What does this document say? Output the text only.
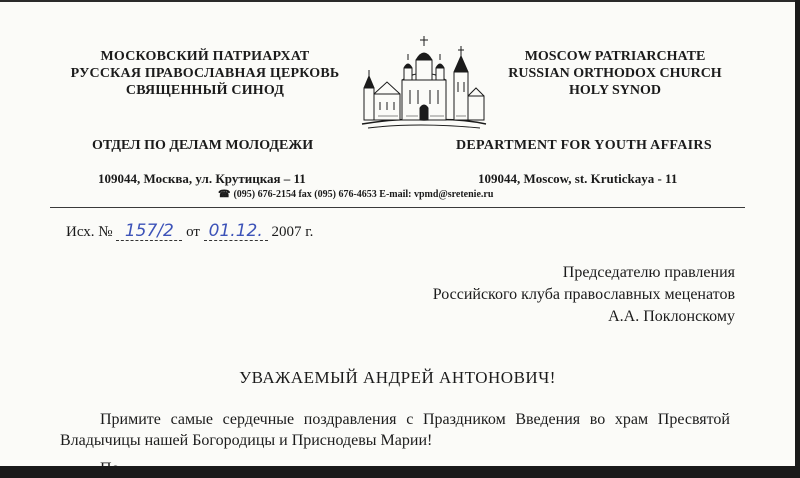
МОСКОВСКИЙ ПАТРИАРХАТ
РУССКАЯ ПРАВОСЛАВНАЯ ЦЕРКОВЬ
СВЯЩЕННЫЙ СИНОД
MOSCOW PATRIARCHATE
RUSSIAN ORTHODOX CHURCH
HOLY SYNOD
ОТДЕЛ ПО ДЕЛАМ МОЛОДЕЖИ	DEPARTMENT FOR YOUTH AFFAIRS
109044, Москва, ул. Крутицкая – 11	109044, Moscow, st. Krutickaya - 11
☎ (095) 676-2154 fax (095) 676-4653 E-mail: vpmd@sretenie.ru
Исх. № 157/2 от 01.12. 2007 г.
Председателю правления
Российского клуба православных меценатов
А.А. Поклонскому
УВАЖАЕМЫЙ АНДРЕЙ АНТОНОВИЧ!
Примите самые сердечные поздравления с Праздником Введения во храм Пресвятой Владычицы нашей Богородицы и Приснодевы Марии!
По...
